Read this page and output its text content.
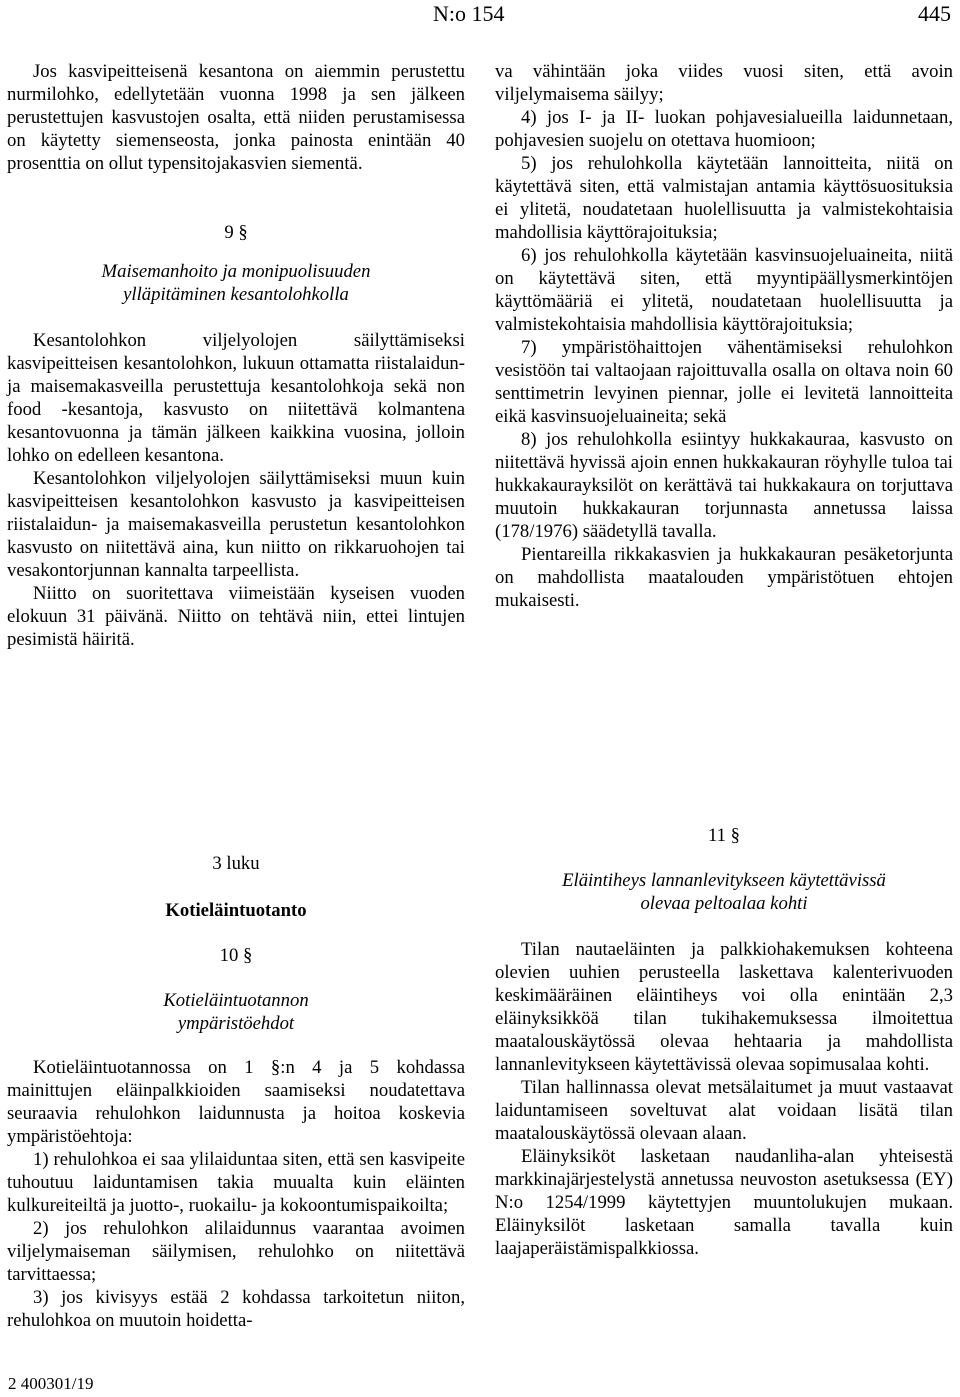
N:o 154	445

Jos kasvipeitteisenä kesantona on aiemmin perustettu nurmilohko, edellytetään vuonna 1998 ja sen jälkeen perustettujen kasvustojen osalta, että niiden perustamisessa on käytetty siemenseosta, jonka painosta enintään 40 prosenttia on ollut typensitojakasvien siementä.

9 §

Maisemanhoito ja monipuolisuuden

ylläpitäminen kesantolohkolla

Kesantolohkon viljelyolojen säilyttämiseksi kasvipeitteisen kesantolohkon, lukuun ottamatta riistalaidun- ja maisemakasveilla perustettuja kesantolohkoja sekä non food -kesantoja, kasvusto on niitettävä kolmantena kesantovuonna ja tämän jälkeen kaikkina vuosina, jolloin lohko on edelleen kesantona.

Kesantolohkon viljelyolojen säilyttämiseksi muun kuin kasvipeitteisen kesantolohkon kasvusto ja kasvipeitteisen riistalaidun- ja maisemakasveilla perustetun kesantolohkon kasvusto on niitettävä aina, kun niitto on rikkaruohojen tai vesakontorjunnan kannalta tarpeellista.

Niitto on suoritettava viimeistään kyseisen vuoden elokuun 31 päivänä. Niitto on tehtävä niin, ettei lintujen pesimistä häiritä.

va vähintään joka viides vuosi siten, että avoin viljelymaisema säilyy;

4) jos I- ja II- luokan pohjavesialueilla laidunnetaan, pohjavesien suojelu on otettava huomioon;

5) jos rehulohkolla käytetään lannoitteita, niitä on käytettävä siten, että valmistajan antamia käyttösuosituksia ei ylitetä, noudatetaan huolellisuutta ja valmistekohtaisia mahdollisia käyttörajoituksia;

6) jos rehulohkolla käytetään kasvinsuojeluaineita, niitä on käytettävä siten, että myyntipäällysmerkintöjen käyttömääriä ei ylitetä, noudatetaan huolellisuutta ja valmistekohtaisia mahdollisia käyttörajoituksia;

7) ympäristöhaittojen vähentämiseksi rehulohkon vesistöön tai valtaojaan rajoittuvalla osalla on oltava noin 60 senttimetrin levyinen piennar, jolle ei levitetä lannoitteita eikä kasvinsuojeluaineita; sekä

8) jos rehulohkolla esiintyy hukkakauraa, kasvusto on niitettävä hyvissä ajoin ennen hukkakauran röyhylle tuloa tai hukkakaurayksilöt on kerättävä tai hukkakaura on torjuttava muutoin hukkakauran torjunnasta annetussa laissa (178/1976) säädetyllä tavalla.

Pientareilla rikkakasvien ja hukkakauran pesäketorjunta on mahdollista maatalouden ympäristötuen ehtojen mukaisesti.

3 luku

Kotieläintuotanto

10 §

Kotieläintuotannon

ympäristöehdot

Kotieläintuotannossa on 1 §:n 4 ja 5 kohdassa mainittujen eläinpalkkioiden saamiseksi noudatettava seuraavia rehulohkon laidunnusta ja hoitoa koskevia ympäristöehtoja:

1) rehulohkoa ei saa ylilaiduntaa siten, että sen kasvipeite tuhoutuu laiduntamisen takia muualta kuin eläinten kulkureiteiltä ja juotto-, ruokailu- ja kokoontumispaikoilta;

2) jos rehulohkon alilaidunnus vaarantaa avoimen viljelymaiseman säilymisen, rehulohko on niitettävä tarvittaessa;

3) jos kivisyys estää 2 kohdassa tarkoitetun niiton, rehulohkoa on muutoin hoidetta-

11 §

Eläintiheys lannanlevitykseen käytettävissä

olevaa peltoalaa kohti

Tilan nautaeläinten ja palkkiohakemuksen kohteena olevien uuhien perusteella laskettava kalenterivuoden keskimääräinen eläintiheys voi olla enintään 2,3 eläinyksikköä tilan tukihakemuksessa ilmoitettua maatalouskäytössä olevaa hehtaaria ja mahdollista lannanlevitykseen käytettävissä olevaa sopimusalaa kohti.

Tilan hallinnassa olevat metsälaitumet ja muut vastaavat laiduntamiseen soveltuvat alat voidaan lisätä tilan maatalouskäytössä olevaan alaan.

Eläinyksiköt lasketaan naudanliha-alan yhteisestä markkinajärjestelystä annetussa neuvoston asetuksessa (EY) N:o 1254/1999 käytettyjen muuntolukujen mukaan. Eläinyksilöt lasketaan samalla tavalla kuin laajaperäistämispalkkiossa.

2 400301/19
